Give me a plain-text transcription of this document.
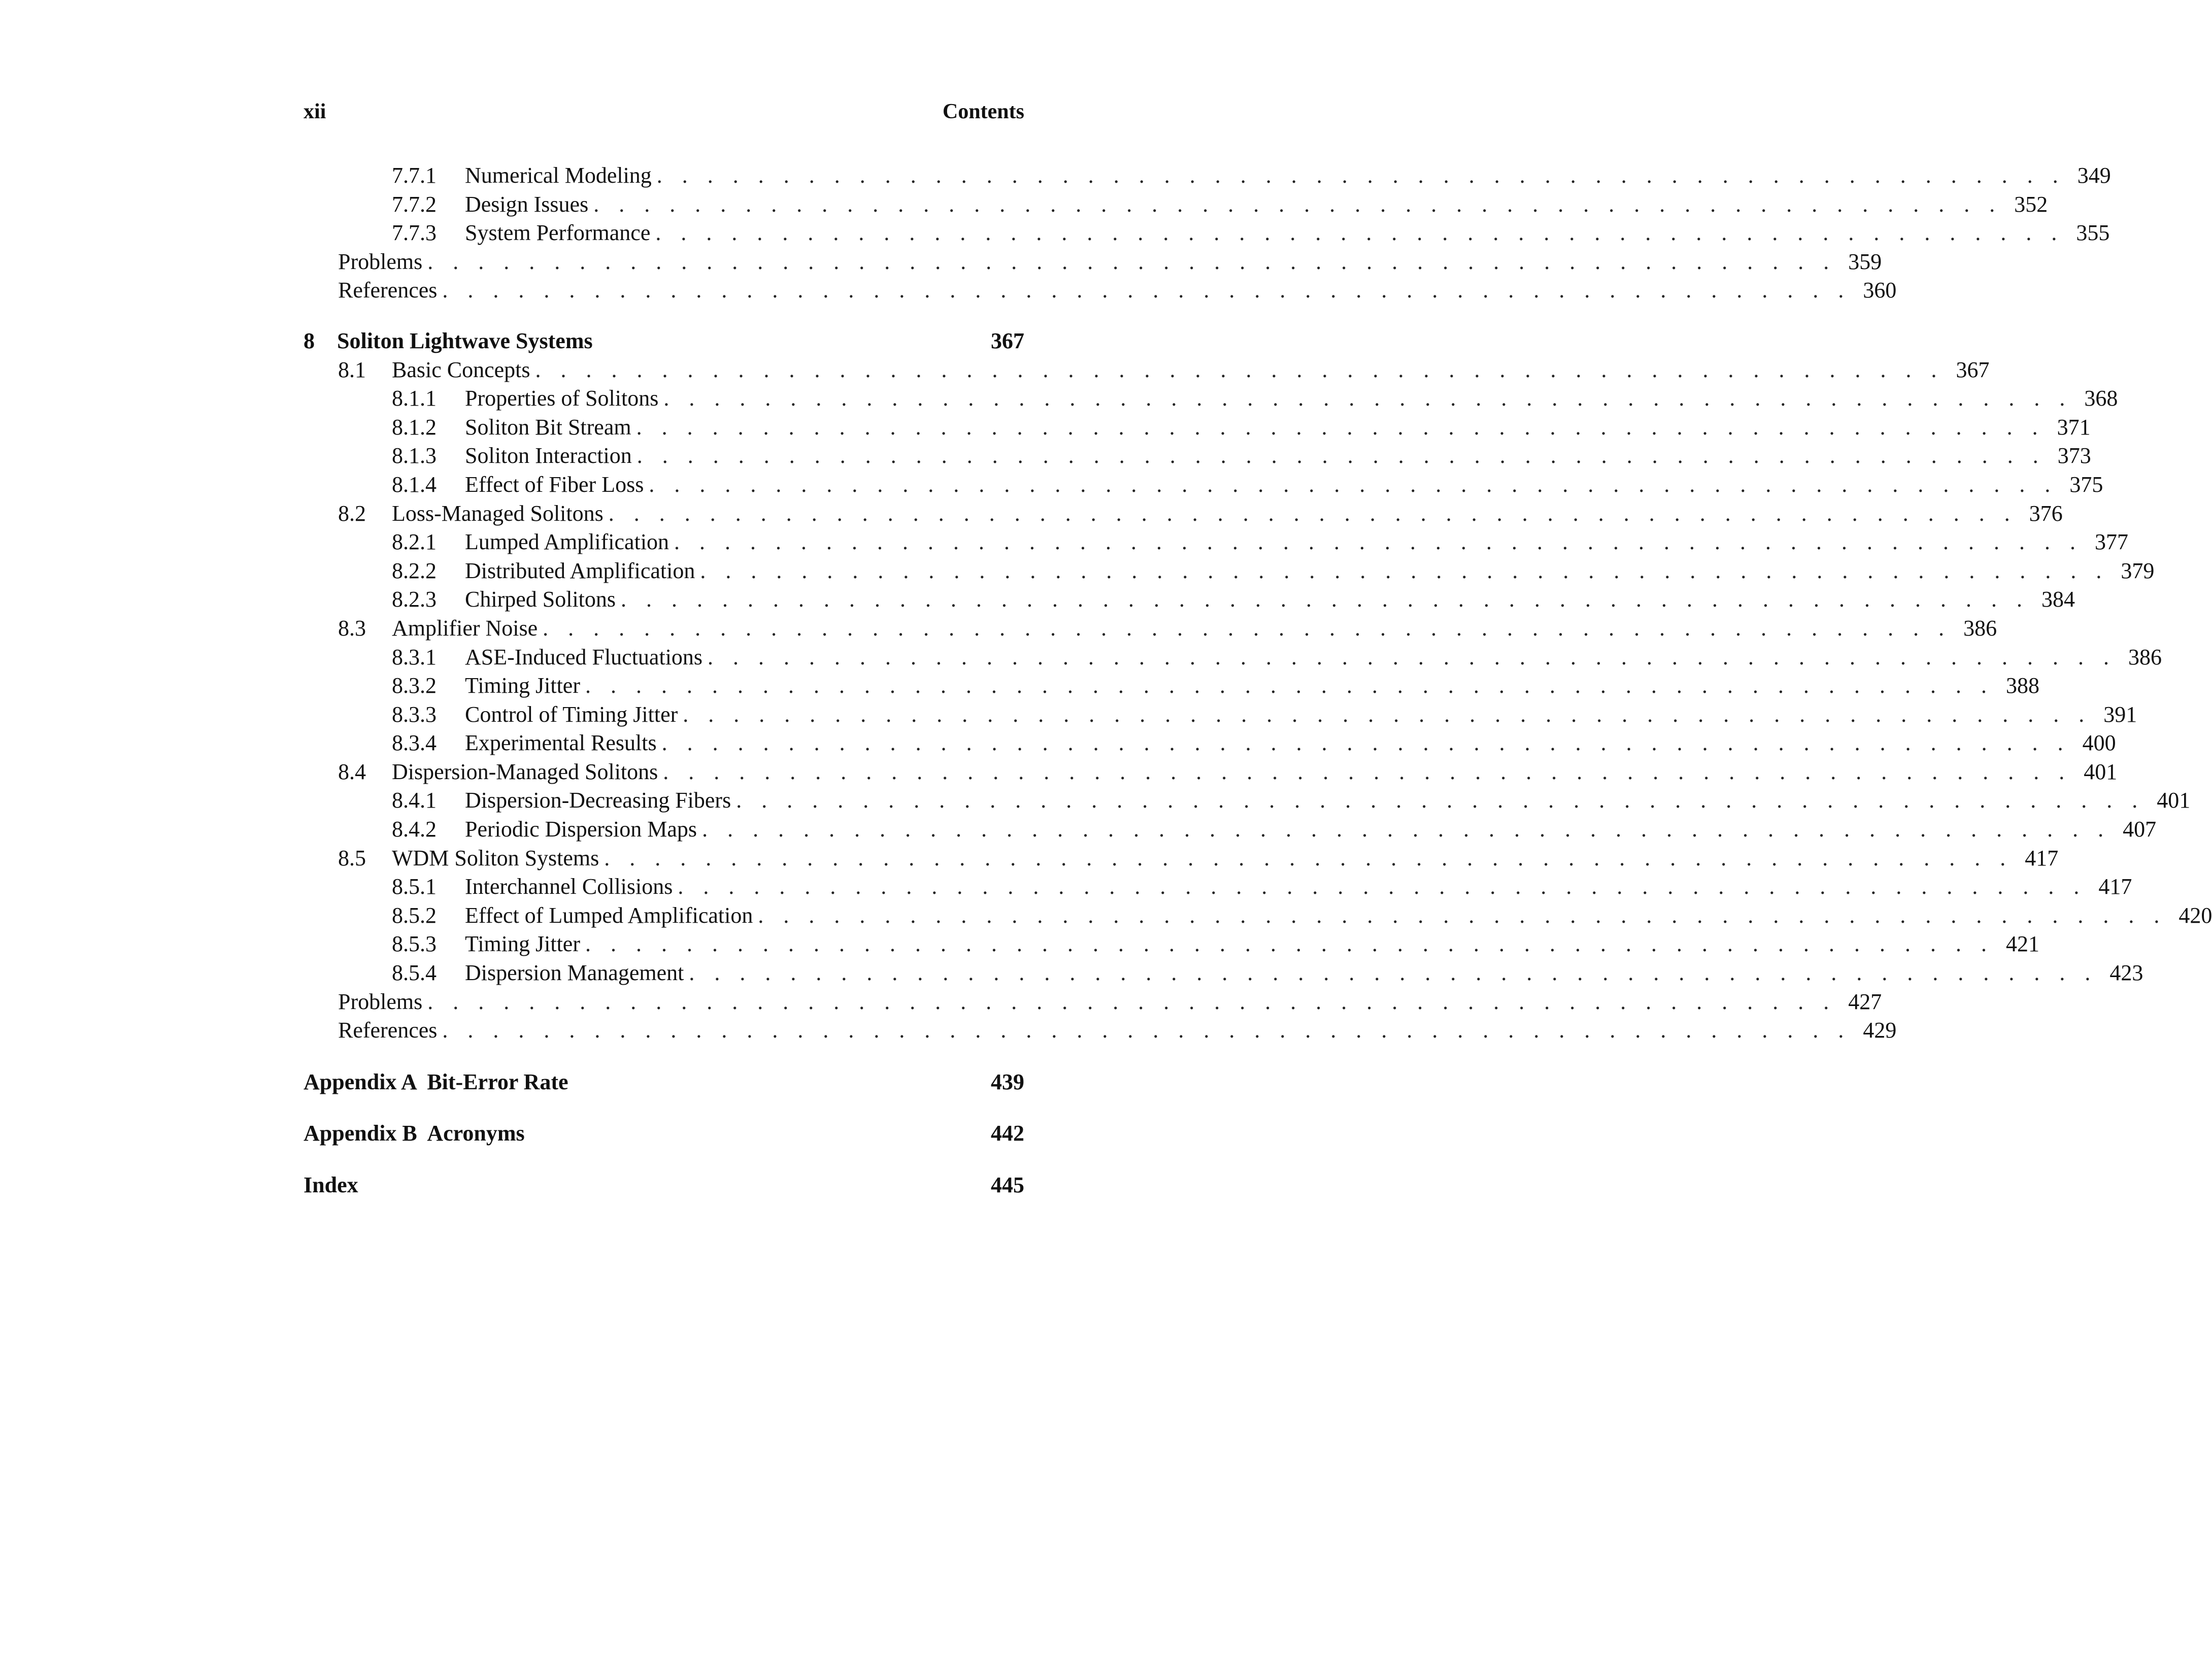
xii	Contents
7.7.1	Numerical Modeling . . . . . . . . . . . . . . . . . . . . . . . . . . . . . . . . . . . . . . . . . . . . . . . . . . . . . . . . 349
7.7.2	Design Issues . . . . . . . . . . . . . . . . . . . . . . . . . . . . . . . . . . . . . . . . . . . . . . . . . . . . . . . . 352
7.7.3	System Performance . . . . . . . . . . . . . . . . . . . . . . . . . . . . . . . . . . . . . . . . . . . . . . . . . . . . . . . . 355
Problems . . . . . . . . . . . . . . . . . . . . . . . . . . . . . . . . . . . . . . . . . . . . . . . . . . . . . . . . 359
References . . . . . . . . . . . . . . . . . . . . . . . . . . . . . . . . . . . . . . . . . . . . . . . . . . . . . . . . 360
8	Soliton Lightwave Systems	367
8.1	Basic Concepts . . . . . . . . . . . . . . . . . . . . . . . . . . . . . . . . . . . . . . . . . . . . . . . . . . . . . . . . 367
8.1.1	Properties of Solitons . . . . . . . . . . . . . . . . . . . . . . . . . . . . . . . . . . . . . . . . . . . . . . . . . . . . . . . . 368
8.1.2	Soliton Bit Stream . . . . . . . . . . . . . . . . . . . . . . . . . . . . . . . . . . . . . . . . . . . . . . . . . . . . . . . . 371
8.1.3	Soliton Interaction . . . . . . . . . . . . . . . . . . . . . . . . . . . . . . . . . . . . . . . . . . . . . . . . . . . . . . . . 373
8.1.4	Effect of Fiber Loss . . . . . . . . . . . . . . . . . . . . . . . . . . . . . . . . . . . . . . . . . . . . . . . . . . . . . . . . 375
8.2	Loss-Managed Solitons . . . . . . . . . . . . . . . . . . . . . . . . . . . . . . . . . . . . . . . . . . . . . . . . . . . . . . . . 376
8.2.1	Lumped Amplification . . . . . . . . . . . . . . . . . . . . . . . . . . . . . . . . . . . . . . . . . . . . . . . . . . . . . . . . 377
8.2.2	Distributed Amplification . . . . . . . . . . . . . . . . . . . . . . . . . . . . . . . . . . . . . . . . . . . . . . . . . . . . . . . . 379
8.2.3	Chirped Solitons . . . . . . . . . . . . . . . . . . . . . . . . . . . . . . . . . . . . . . . . . . . . . . . . . . . . . . . . 384
8.3	Amplifier Noise . . . . . . . . . . . . . . . . . . . . . . . . . . . . . . . . . . . . . . . . . . . . . . . . . . . . . . . . 386
8.3.1	ASE-Induced Fluctuations . . . . . . . . . . . . . . . . . . . . . . . . . . . . . . . . . . . . . . . . . . . . . . . . . . . . . . . . 386
8.3.2	Timing Jitter . . . . . . . . . . . . . . . . . . . . . . . . . . . . . . . . . . . . . . . . . . . . . . . . . . . . . . . . 388
8.3.3	Control of Timing Jitter . . . . . . . . . . . . . . . . . . . . . . . . . . . . . . . . . . . . . . . . . . . . . . . . . . . . . . . . 391
8.3.4	Experimental Results . . . . . . . . . . . . . . . . . . . . . . . . . . . . . . . . . . . . . . . . . . . . . . . . . . . . . . . . 400
8.4	Dispersion-Managed Solitons . . . . . . . . . . . . . . . . . . . . . . . . . . . . . . . . . . . . . . . . . . . . . . . . . . . . . . . . 401
8.4.1	Dispersion-Decreasing Fibers . . . . . . . . . . . . . . . . . . . . . . . . . . . . . . . . . . . . . . . . . . . . . . . . . . . . . . . . 401
8.4.2	Periodic Dispersion Maps . . . . . . . . . . . . . . . . . . . . . . . . . . . . . . . . . . . . . . . . . . . . . . . . . . . . . . . . 407
8.5	WDM Soliton Systems . . . . . . . . . . . . . . . . . . . . . . . . . . . . . . . . . . . . . . . . . . . . . . . . . . . . . . . . 417
8.5.1	Interchannel Collisions . . . . . . . . . . . . . . . . . . . . . . . . . . . . . . . . . . . . . . . . . . . . . . . . . . . . . . . . 417
8.5.2	Effect of Lumped Amplification . . . . . . . . . . . . . . . . . . . . . . . . . . . . . . . . . . . . . . . . . . . . . . . . . . . . . . . . 420
8.5.3	Timing Jitter . . . . . . . . . . . . . . . . . . . . . . . . . . . . . . . . . . . . . . . . . . . . . . . . . . . . . . . . 421
8.5.4	Dispersion Management . . . . . . . . . . . . . . . . . . . . . . . . . . . . . . . . . . . . . . . . . . . . . . . . . . . . . . . . 423
Problems . . . . . . . . . . . . . . . . . . . . . . . . . . . . . . . . . . . . . . . . . . . . . . . . . . . . . . . . 427
References . . . . . . . . . . . . . . . . . . . . . . . . . . . . . . . . . . . . . . . . . . . . . . . . . . . . . . . . 429
Appendix A  Bit-Error Rate	439
Appendix B  Acronyms	442
Index	445
